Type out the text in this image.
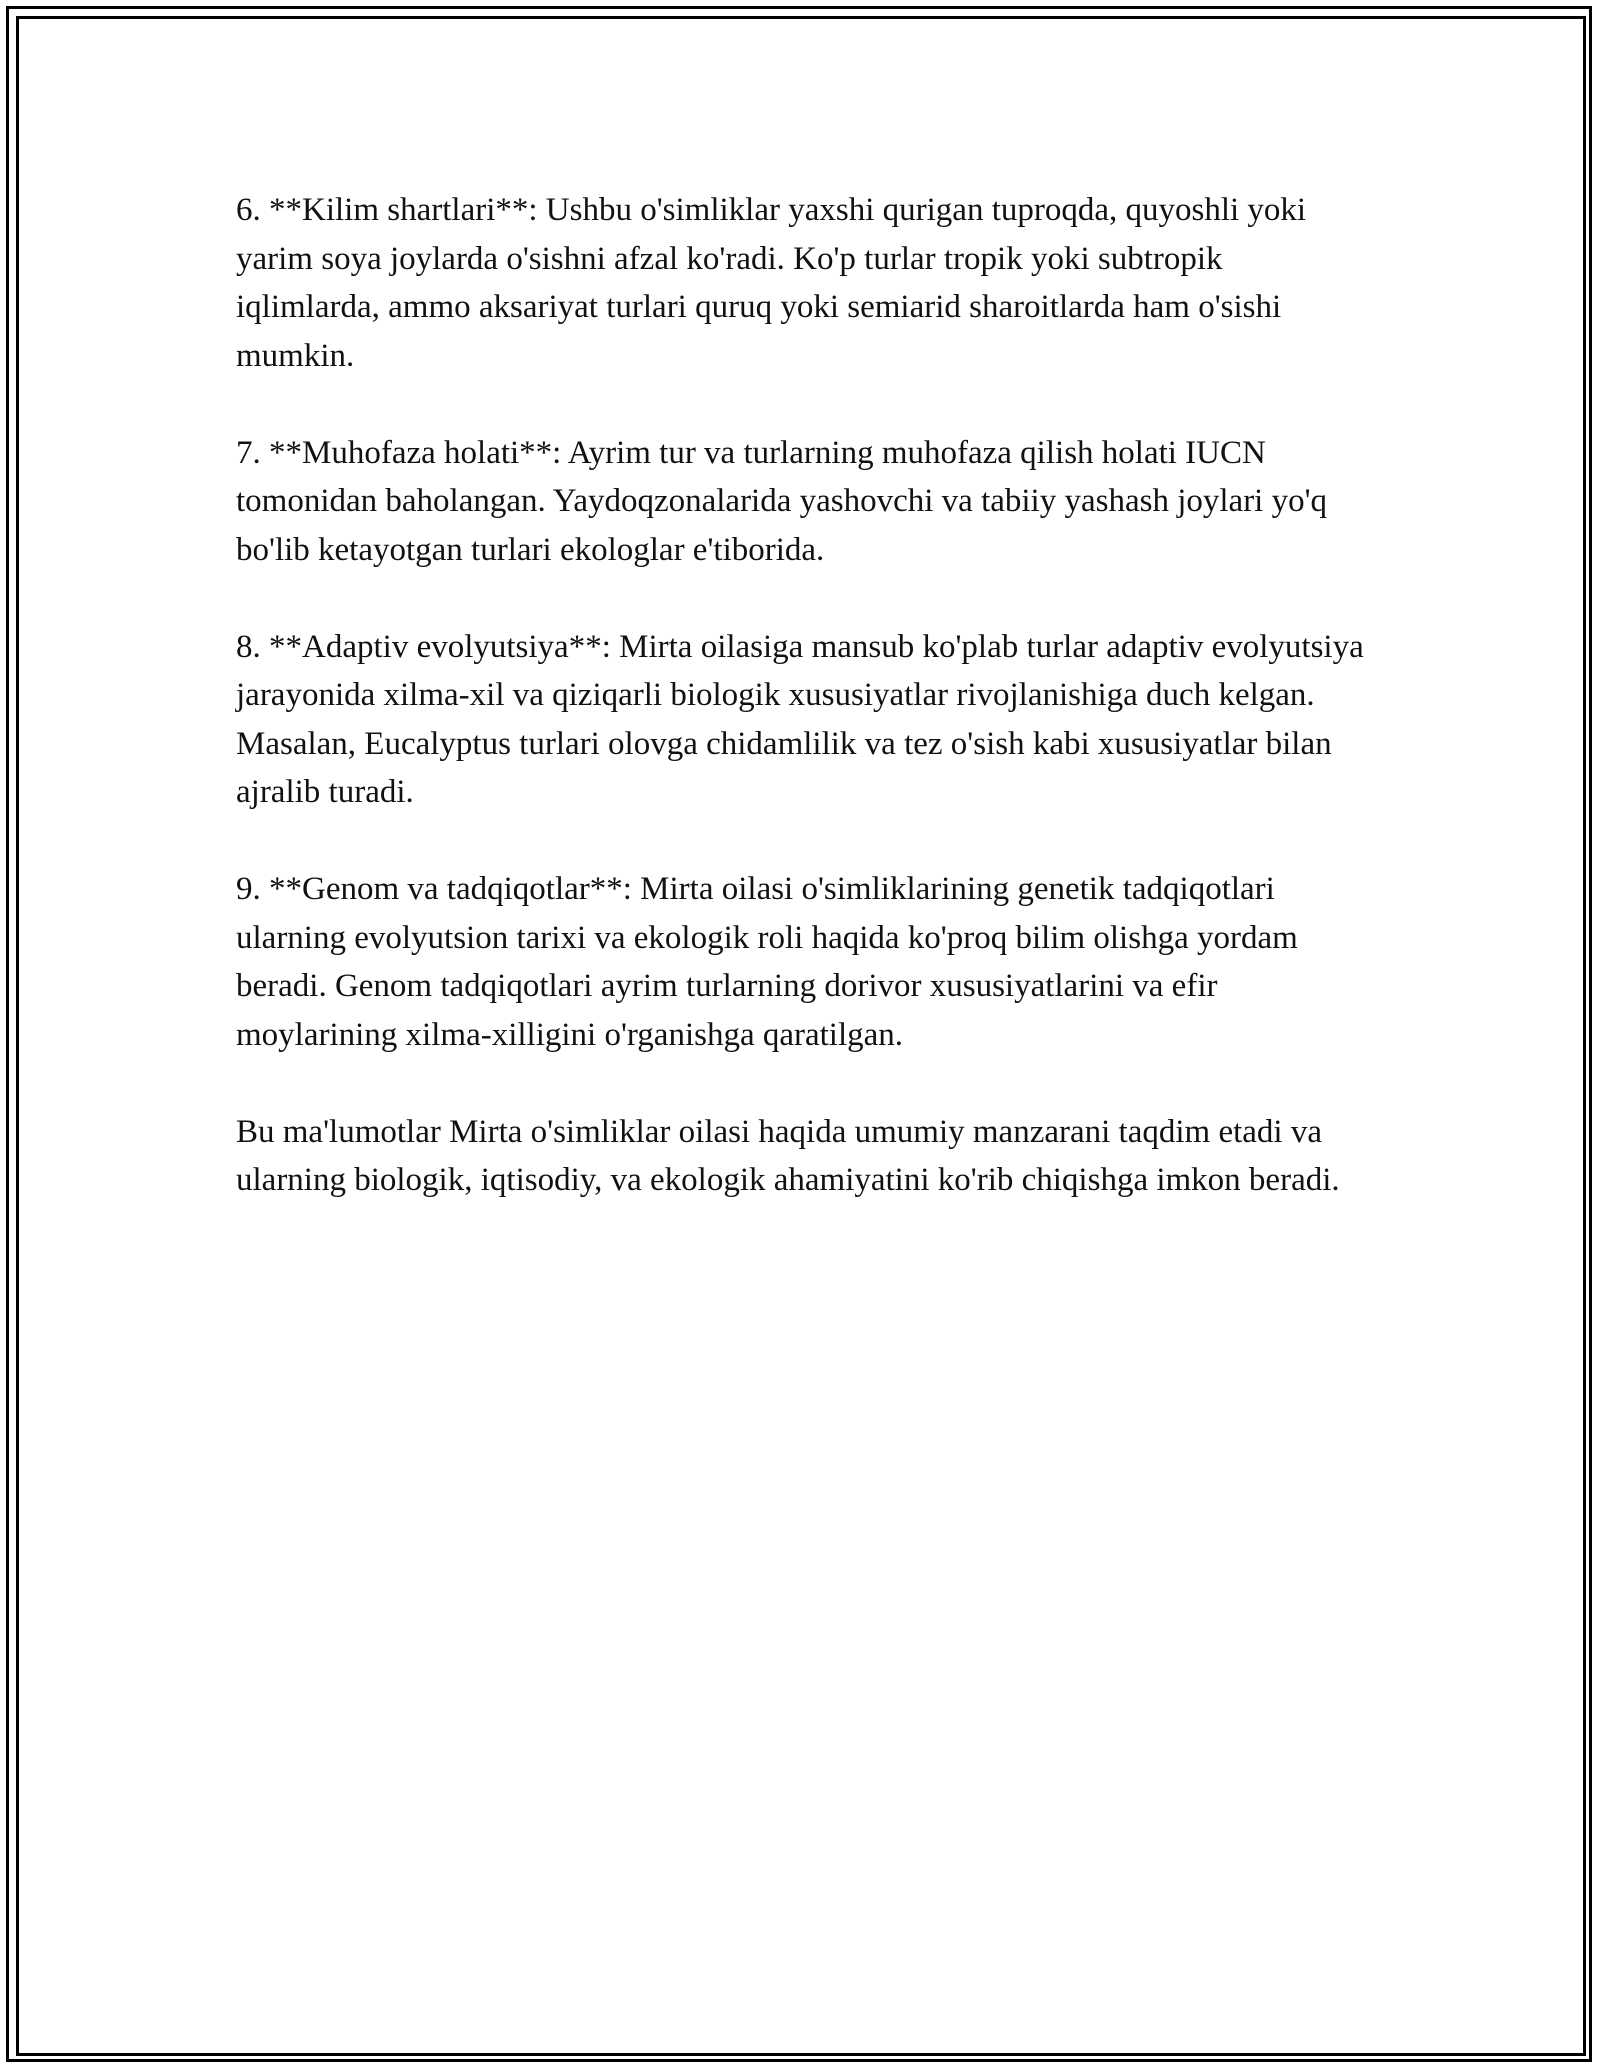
6. **Kilim shartlari**: Ushbu o'simliklar yaxshi qurigan tuproqda, quyoshli yoki yarim soya joylarda o'sishni afzal ko'radi. Ko'p turlar tropik yoki subtropik iqlimlarda, ammo aksariyat turlari quruq yoki semiarid sharoitlarda ham o'sishi mumkin.

7. **Muhofaza holati**: Ayrim tur va turlarning muhofaza qilish holati IUCN tomonidan baholangan. Yaydoqzonalarida yashovchi va tabiiy yashash joylari yo'q bo'lib ketayotgan turlari ekologlar e'tiborida.

8. **Adaptiv evolyutsiya**: Mirta oilasiga mansub ko'plab turlar adaptiv evolyutsiya jarayonida xilma-xil va qiziqarli biologik xususiyatlar rivojlanishiga duch kelgan. Masalan, Eucalyptus turlari olovga chidamlilik va tez o'sish kabi xususiyatlar bilan ajralib turadi.

9. **Genom va tadqiqotlar**: Mirta oilasi o'simliklarining genetik tadqiqotlari ularning evolyutsion tarixi va ekologik roli haqida ko'proq bilim olishga yordam beradi. Genom tadqiqotlari ayrim turlarning dorivor xususiyatlarini va efir moylarining xilma-xilligini o'rganishga qaratilgan.

Bu ma'lumotlar Mirta o'simliklar oilasi haqida umumiy manzarani taqdim etadi va ularning biologik, iqtisodiy, va ekologik ahamiyatini ko'rib chiqishga imkon beradi.
